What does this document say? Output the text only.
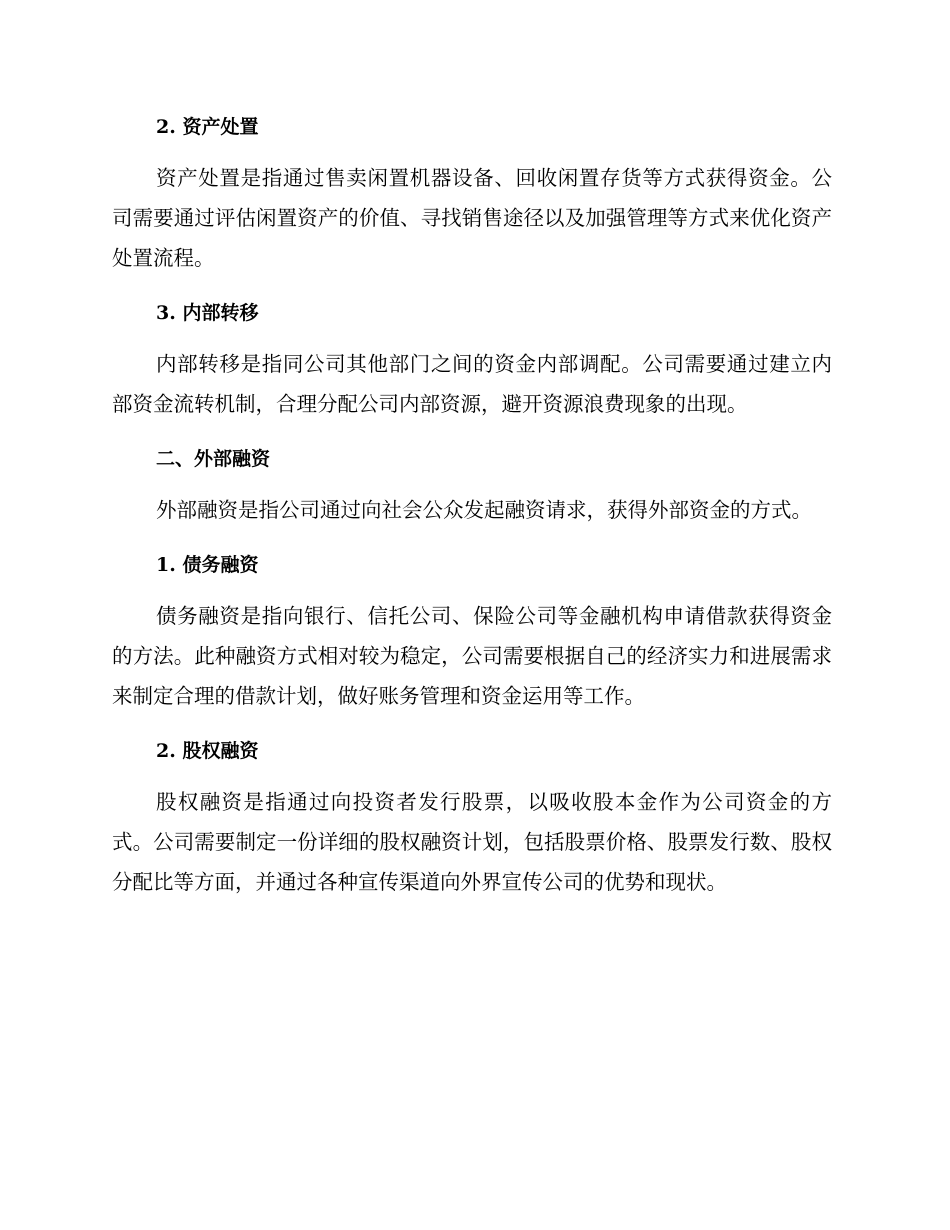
2. 资产处置

资产处置是指通过售卖闲置机器设备、回收闲置存货等方式获得资金。公司需要通过评估闲置资产的价值、寻找销售途径以及加强管理等方式来优化资产处置流程。

3. 内部转移

内部转移是指同公司其他部门之间的资金内部调配。公司需要通过建立内部资金流转机制，合理分配公司内部资源，避开资源浪费现象的出现。

二、外部融资

外部融资是指公司通过向社会公众发起融资请求，获得外部资金的方式。

1. 债务融资

债务融资是指向银行、信托公司、保险公司等金融机构申请借款获得资金的方法。此种融资方式相对较为稳定，公司需要根据自己的经济实力和进展需求来制定合理的借款计划，做好账务管理和资金运用等工作。

2. 股权融资

股权融资是指通过向投资者发行股票，以吸收股本金作为公司资金的方式。公司需要制定一份详细的股权融资计划，包括股票价格、股票发行数、股权分配比等方面，并通过各种宣传渠道向外界宣传公司的优势和现状。
